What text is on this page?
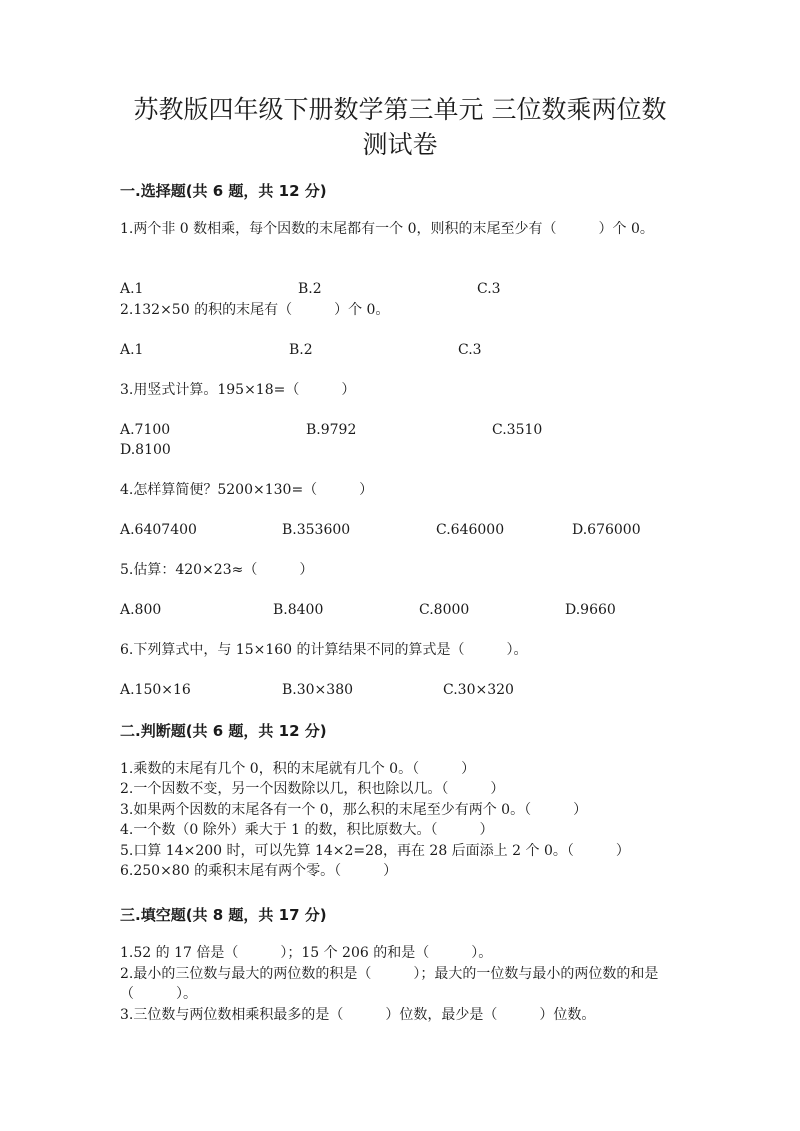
苏教版四年级下册数学第三单元 三位数乘两位数
测试卷
一.选择题(共 6 题，共 12 分)
1.两个非 0 数相乘，每个因数的末尾都有一个 0，则积的末尾至少有（　　　）个 0。
A.1	B.2	C.3
2.132×50 的积的末尾有（　　　）个 0。
A.1	B.2	C.3
3.用竖式计算。195×18=（　　　）
A.7100	B.9792	C.3510
D.8100
4.怎样算简便？5200×130=（　　　）
A.6407400	B.353600	C.646000	D.676000
5.估算：420×23≈（　　　）
A.800	B.8400	C.8000	D.9660
6.下列算式中，与 15×160 的计算结果不同的算式是（　　　）。
A.150×16	B.30×380	C.30×320
二.判断题(共 6 题，共 12 分)
1.乘数的末尾有几个 0，积的末尾就有几个 0。（　　　）
2.一个因数不变，另一个因数除以几，积也除以几。（　　　）
3.如果两个因数的末尾各有一个 0，那么积的末尾至少有两个 0。（　　　）
4.一个数（0 除外）乘大于 1 的数，积比原数大。（　　　）
5.口算 14×200 时，可以先算 14×2=28，再在 28 后面添上 2 个 0。（　　　）
6.250×80 的乘积末尾有两个零。（　　　）
三.填空题(共 8 题，共 17 分)
1.52 的 17 倍是（　　　）；15 个 206 的和是（　　　）。
2.最小的三位数与最大的两位数的积是（　　　）；最大的一位数与最小的两位数的和是（　　　）。
3.三位数与两位数相乘积最多的是（　　　）位数，最少是（　　　）位数。
